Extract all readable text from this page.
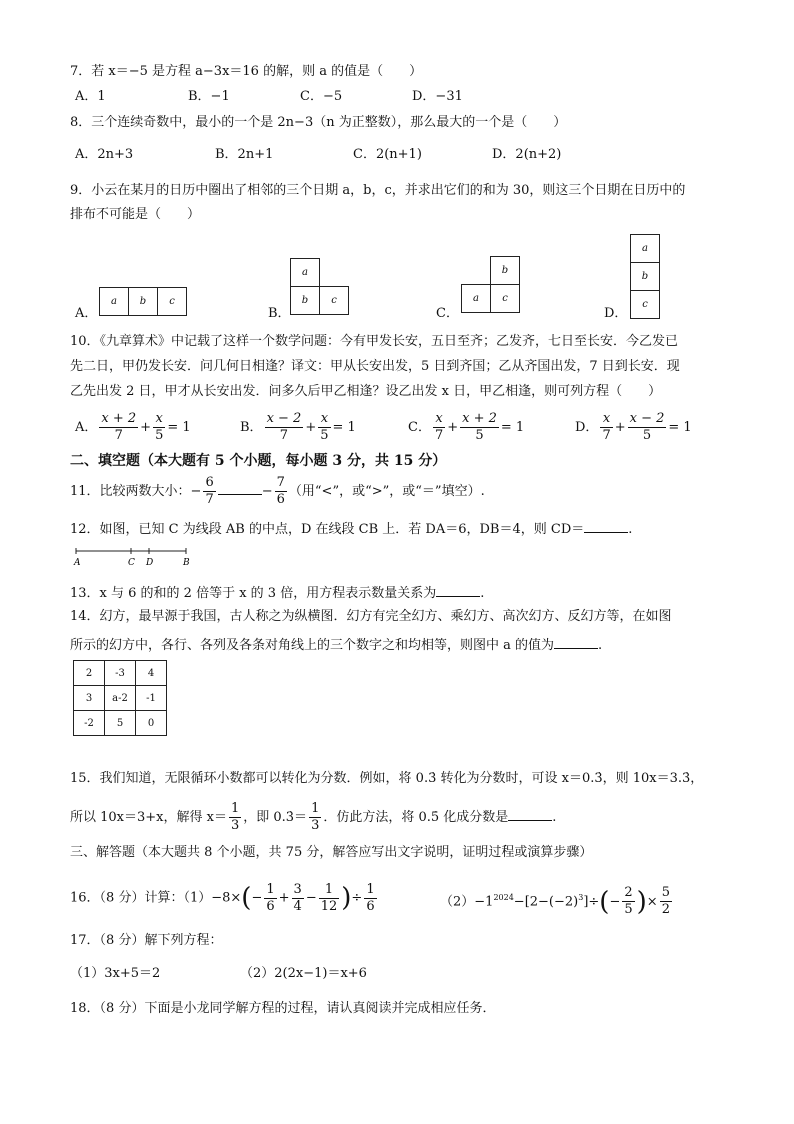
7．若 x＝−5 是方程 a−3x＝16 的解，则 a 的值是（　　）
A．1	B．−1	C．−5	D．−31
8．三个连续奇数中，最小的一个是 2n−3（n 为正整数），那么最大的一个是（　　）
A．2n+3	B．2n+1	C．2(n+1)	D．2(n+2)
9．小云在某月的日历中圈出了相邻的三个日期 a，b，c，并求出它们的和为 30，则这三个日期在日历中的
排布不可能是（　　）
A．
a	b	c
B．
a	
b	c
C．
	b
a	c
D．
a
b
c
10．《九章算术》中记载了这样一个数学问题：今有甲发长安，五日至齐；乙发齐，七日至长安．今乙发已
先二日，甲仍发长安．问几何日相逢？译文：甲从长安出发，5 日到齐国；乙从齐国出发，7 日到长安．现
乙先出发 2 日，甲才从长安出发．问多久后甲乙相逢？设乙出发 x 日，甲乙相逢，则可列方程（　　）
A． $\frac{x + 2}{7} + \frac{x}{5} = 1$	B． $\frac{x - 2}{7} + \frac{x}{5} = 1$	C． $\frac{x}{7} + \frac{x + 2}{5} = 1$	D． $\frac{x}{7} + \frac{x - 2}{5} = 1$
二、填空题（本大题有 5 个小题，每小题 3 分，共 15 分）
11．比较两数大小：− $\frac{6}{7}$	− $\frac{7}{6}$ （用“<”，或“>”，或“＝”填空）.
12．如图，已知 C 为线段 AB 的中点，D 在线段 CB 上．若 DA＝6，DB＝4，则 CD＝	.
A	C D	B
13．x 与 6 的和的 2 倍等于 x 的 3 倍，用方程表示数量关系为	.
14．幻方，最早源于我国，古人称之为纵横图．幻方有完全幻方、乘幻方、高次幻方、反幻方等，在如图
所示的幻方中，各行、各列及各条对角线上的三个数字之和均相等，则图中 a 的值为	.
2	-3	4
3	a-2	-1
-2	5	0
15．我们知道，无限循环小数都可以转化为分数．例如，将 0.3̇ 转化为分数时，可设 x＝0.3̇，则 10x＝3.3̇，
所以 10x＝3+x，解得 $x= \frac{1}{3}$ ，即 0.3̇＝ $\frac{1}{3}$ ．仿此方法，将 0.5̇ 化成分数是	.
三、解答题（本大题共 8 个小题，共 75 分，解答应写出文字说明，证明过程或演算步骤）
16．（8 分）计算：$(1)-8\times(- \frac{1}{6} + \frac{3}{4} - \frac{1}{12}$ )÷ $\frac{1}{6}$	$(2)-1^{2024}-[2-(-2)^3]\div(- \frac{2}{5}$ )× $\frac{5}{2}$
17．（8 分）解下列方程：
（1）3x+5＝2	（2）2(2x−1)＝x+6
18．（8 分）下面是小龙同学解方程的过程，请认真阅读并完成相应任务．
